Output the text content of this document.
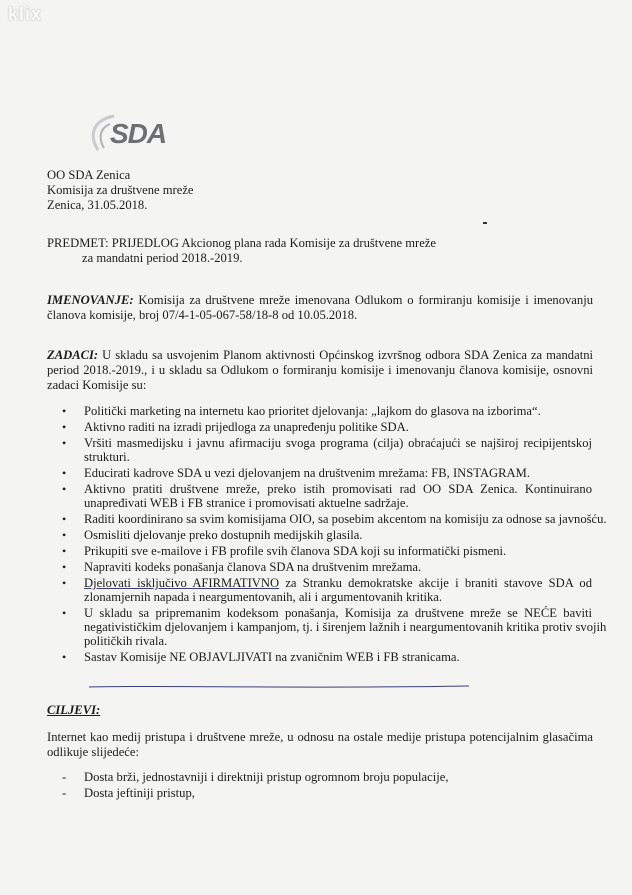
klix
SDA
OO SDA Zenica
Komisija za društvene mreže
Zenica, 31.05.2018.
PREDMET: PRIJEDLOG Akcionog plana rada Komisije za društvene mreže
za mandatni period 2018.-2019.
IMENOVANJE: Komisija za društvene mreže imenovana Odlukom o formiranju komisije i imenovanju
članova komisije, broj 07/4-1-05-067-58/18-8 od 10.05.2018.
ZADACI: U skladu sa usvojenim Planom aktivnosti Općinskog izvršnog odbora SDA Zenica za mandatni
period 2018.-2019., i u skladu sa Odlukom o formiranju komisije i imenovanju članova komisije, osnovni
zadaci Komisije su:
• Politički marketing na internetu kao prioritet djelovanja: „lajkom do glasova na izborima“.
• Aktivno raditi na izradi prijedloga za unapređenju politike SDA.
• Vršiti masmedijsku i javnu afirmaciju svoga programa (cilja) obraćajući se najširoj recipijentskoj
strukturi.
• Educirati kadrove SDA u vezi djelovanjem na društvenim mrežama: FB, INSTAGRAM.
• Aktivno pratiti društvene mreže, preko istih promovisati rad OO SDA Zenica. Kontinuirano
unapređivati WEB i FB stranice i promovisati aktuelne sadržaje.
• Raditi koordinirano sa svim komisijama OIO, sa posebim akcentom na komisiju za odnose sa javnošću.
• Osmisliti djelovanje preko dostupnih medijskih glasila.
• Prikupiti sve e-mailove i FB profile svih članova SDA koji su informatički pismeni.
• Napraviti kodeks ponašanja članova SDA na društvenim mrežama.
• Djelovati isključivo AFIRMATIVNO za Stranku demokratske akcije i braniti stavove SDA od
zlonamjernih napada i neargumentovanih, ali i argumentovanih kritika.
• U skladu sa pripremanim kodeksom ponašanja, Komisija za društvene mreže se NEĆE baviti
negativističkim djelovanjem i kampanjom, tj. i širenjem lažnih i neargumentovanih kritika protiv svojih
političkih rivala.
• Sastav Komisije NE OBJAVLJIVATI na zvaničnim WEB i FB stranicama.
CILJEVI:
Internet kao medij pristupa i društvene mreže, u odnosu na ostale medije pristupa potencijalnim glasačima
odlikuje slijedeće:
- Dosta brži, jednostavniji i direktniji pristup ogromnom broju populacije,
- Dosta jeftiniji pristup,
